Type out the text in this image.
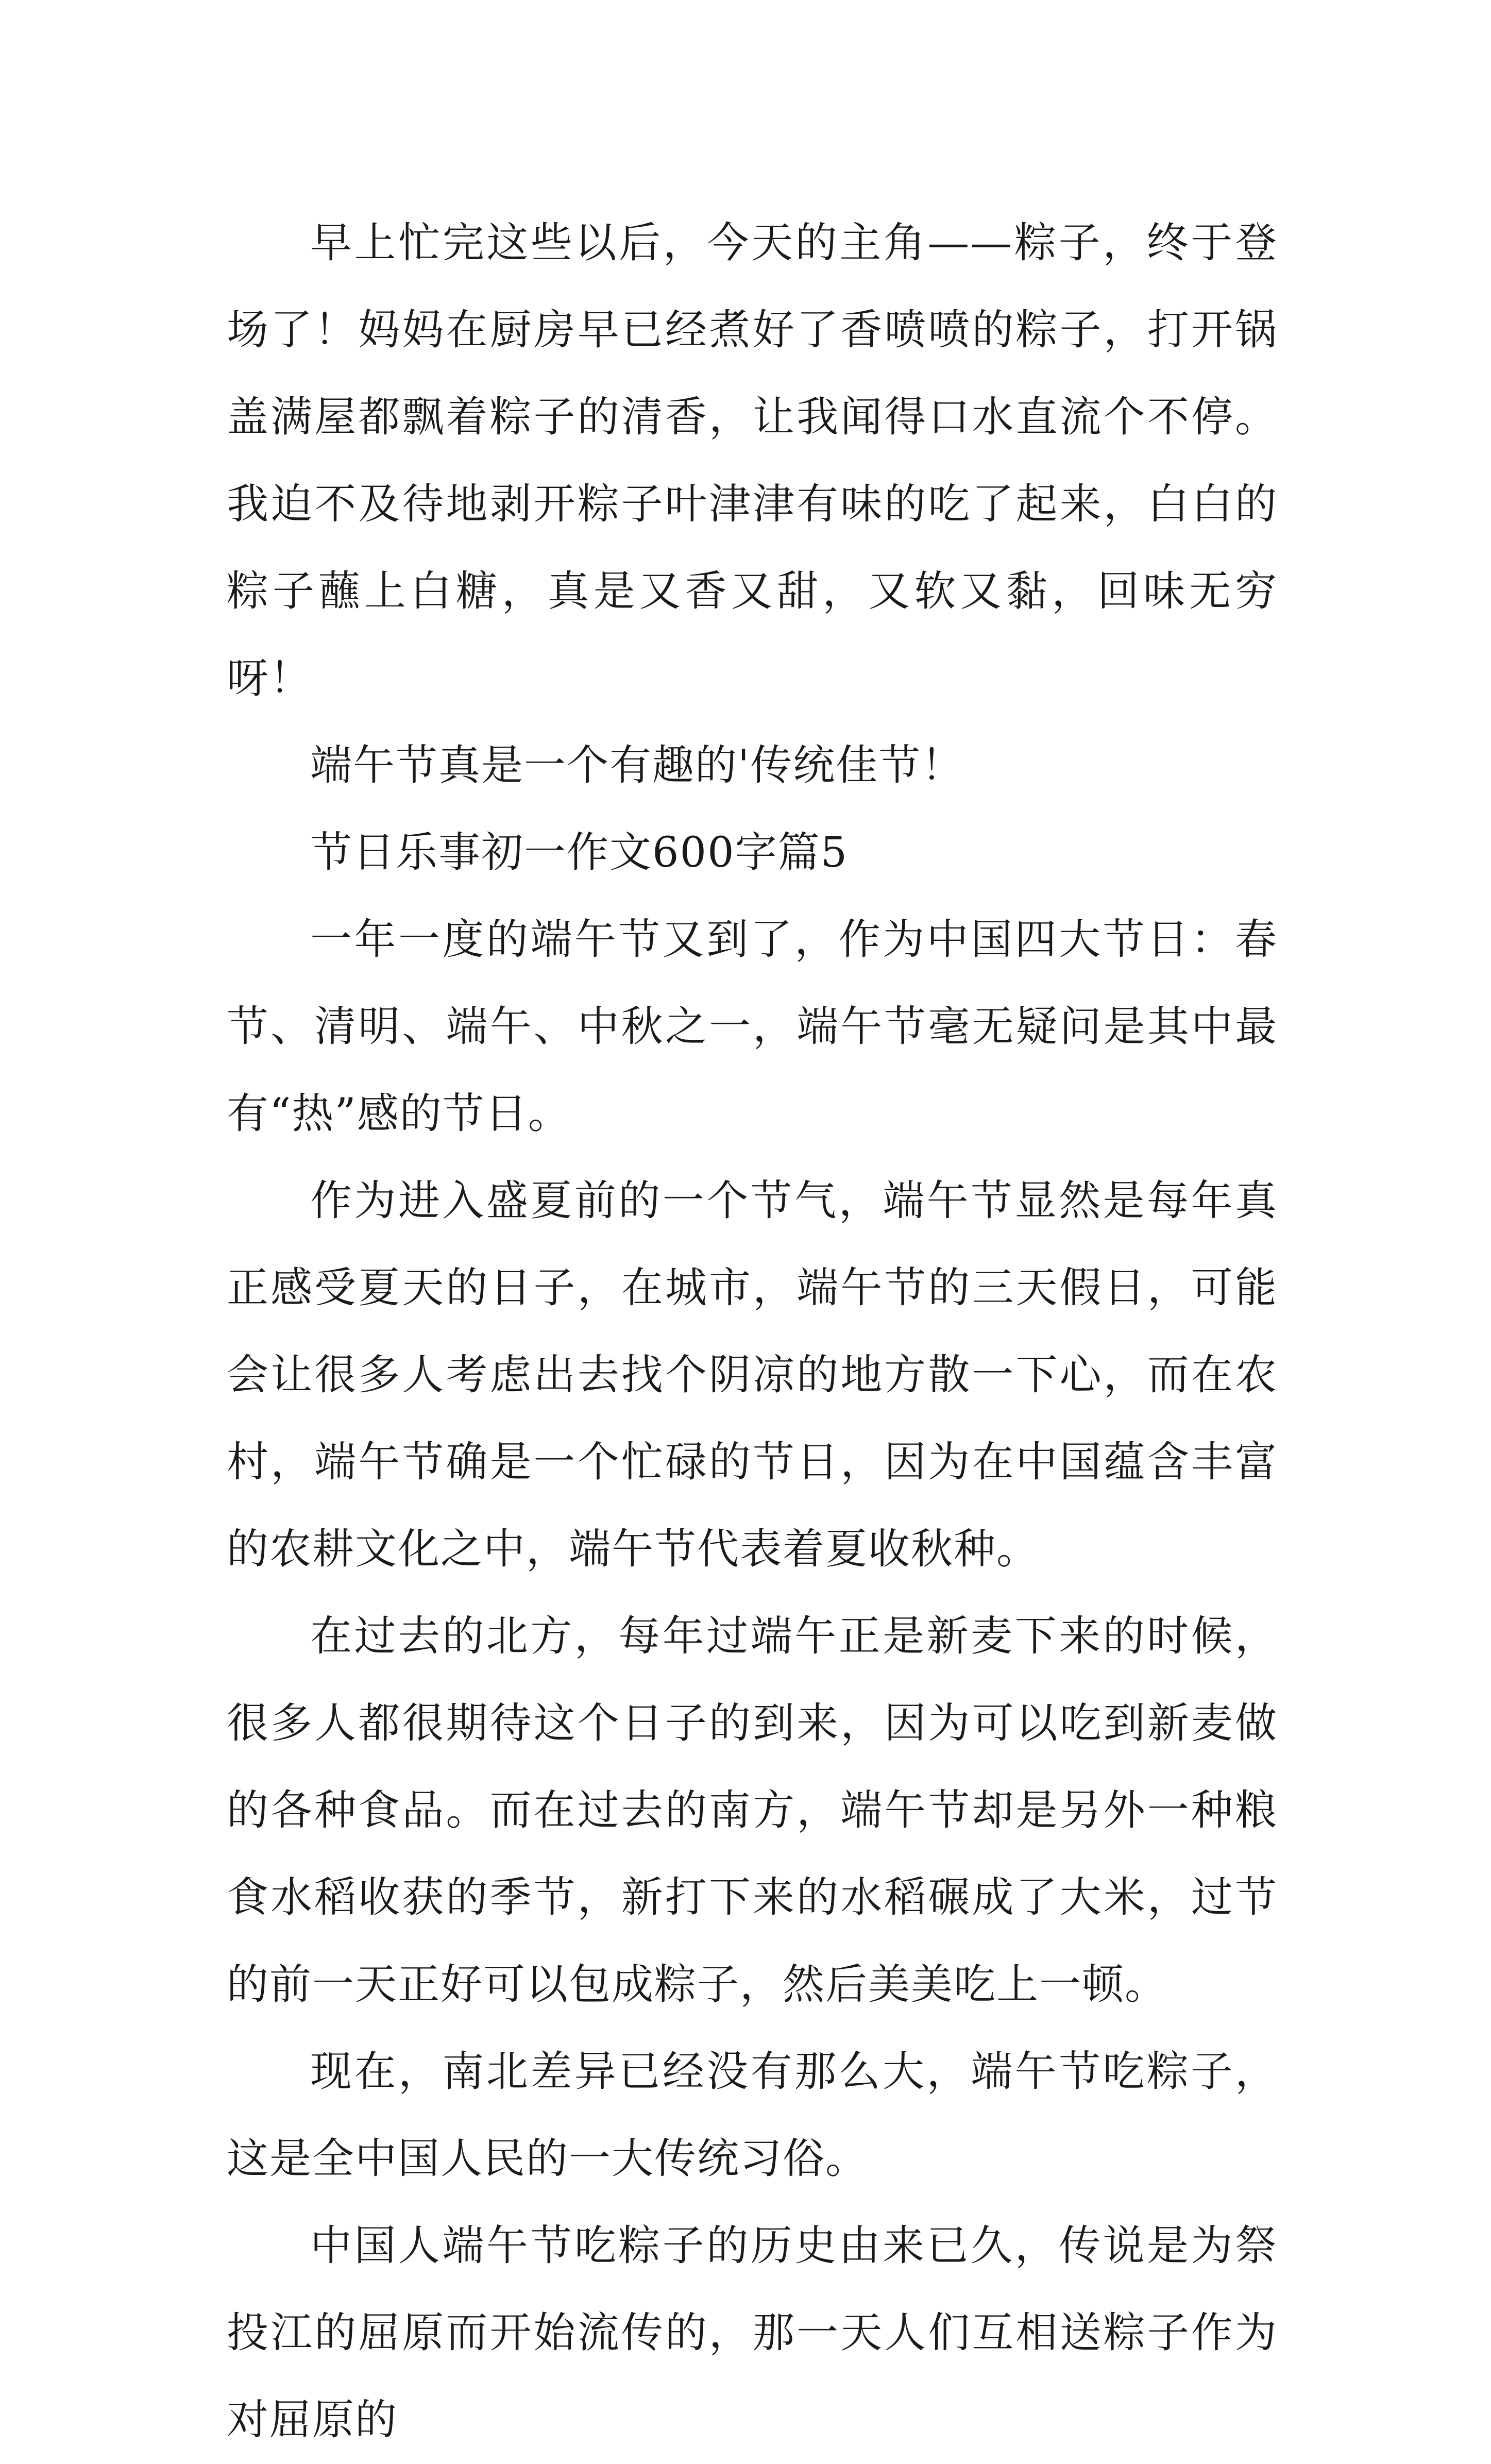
早上忙完这些以后，今天的主角——粽子，终于登场了！妈妈在厨房早已经煮好了香喷喷的粽子，打开锅盖满屋都飘着粽子的清香，让我闻得口水直流个不停。我迫不及待地剥开粽子叶津津有味的吃了起来，白白的粽子蘸上白糖，真是又香又甜，又软又黏，回味无穷呀！

端午节真是一个有趣的'传统佳节！

节日乐事初一作文600字篇5

一年一度的端午节又到了，作为中国四大节日：春节、清明、端午、中秋之一，端午节毫无疑问是其中最有“热”感的节日。

作为进入盛夏前的一个节气，端午节显然是每年真正感受夏天的日子，在城市，端午节的三天假日，可能会让很多人考虑出去找个阴凉的地方散一下心，而在农村，端午节确是一个忙碌的节日，因为在中国蕴含丰富的农耕文化之中，端午节代表着夏收秋种。

在过去的北方，每年过端午正是新麦下来的时候，很多人都很期待这个日子的到来，因为可以吃到新麦做的各种食品。而在过去的南方，端午节却是另外一种粮食水稻收获的季节，新打下来的水稻碾成了大米，过节的前一天正好可以包成粽子，然后美美吃上一顿。

现在，南北差异已经没有那么大，端午节吃粽子，这是全中国人民的一大传统习俗。

中国人端午节吃粽子的历史由来已久，传说是为祭投江的屈原而开始流传的，那一天人们互相送粽子作为对屈原的
